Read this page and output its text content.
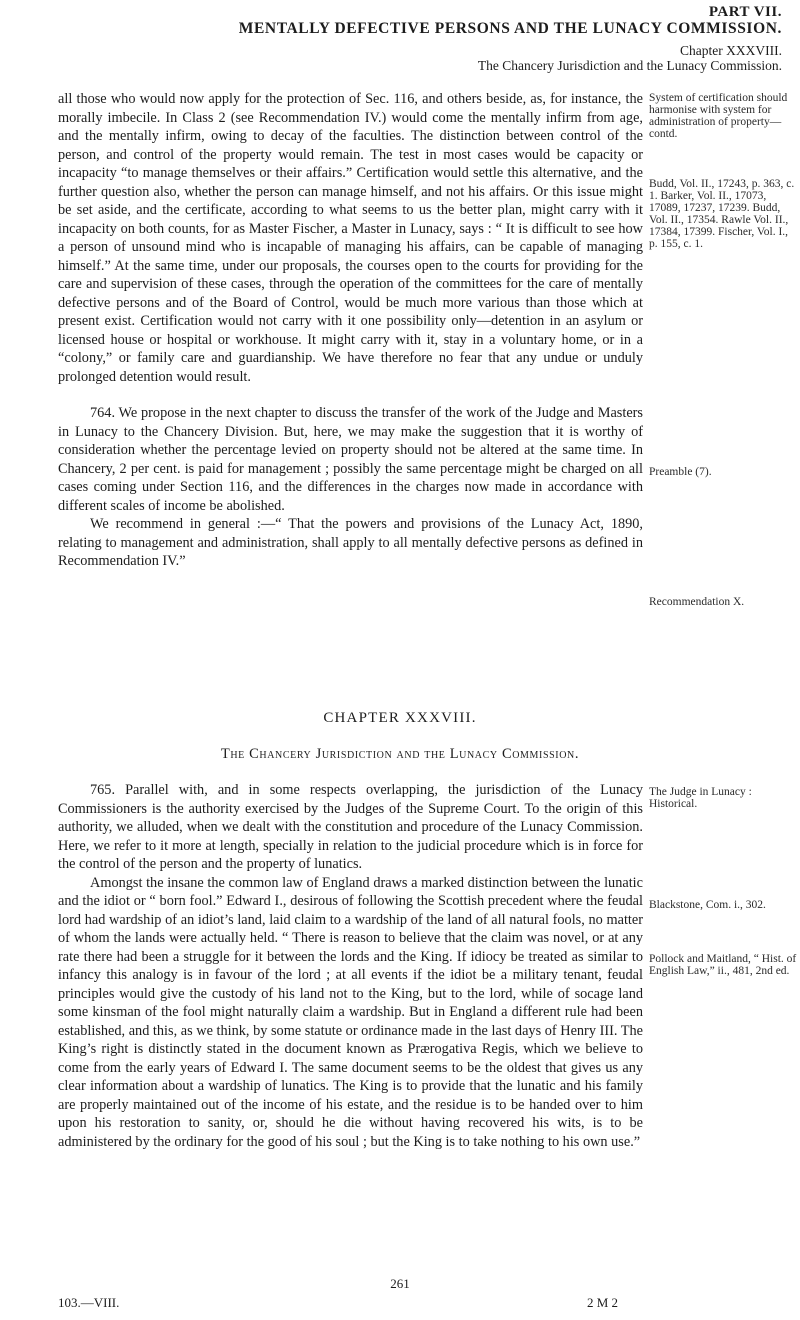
PART VII.
MENTALLY DEFECTIVE PERSONS AND THE LUNACY COMMISSION.
Chapter XXXVIII.
The Chancery Jurisdiction and the Lunacy Commission.

all those who would now apply for the protection of Sec. 116, and others beside, as, for instance, the morally imbecile. In Class 2 (see Recommendation IV.) would come the mentally infirm from age, and the mentally infirm, owing to decay of the faculties. The distinction between control of the person, and control of the property would remain. The test in most cases would be capacity or incapacity “to manage themselves or their affairs.” Certification would settle this alternative, and the further question also, whether the person can manage himself, and not his affairs. Or this issue might be set aside, and the certificate, according to what seems to us the better plan, might carry with it incapacity on both counts, for as Master Fischer, a Master in Lunacy, says : “ It is difficult to see how a person of unsound mind who is incapable of managing his affairs, can be capable of managing himself.” At the same time, under our proposals, the courses open to the courts for providing for the care and supervision of these cases, through the operation of the committees for the care of mentally defective persons and of the Board of Control, would be much more various than those which at present exist. Certification would not carry with it one possibility only—detention in an asylum or licensed house or hospital or workhouse. It might carry with it, stay in a voluntary home, or in a “colony,” or family care and guardianship. We have therefore no fear that any undue or unduly prolonged detention would result.

764. We propose in the next chapter to discuss the transfer of the work of the Judge and Masters in Lunacy to the Chancery Division. But, here, we may make the suggestion that it is worthy of consideration whether the percentage levied on property should not be altered at the same time. In Chancery, 2 per cent. is paid for management ; possibly the same percentage might be charged on all cases coming under Section 116, and the differences in the charges now made in accordance with different scales of income be abolished.

We recommend in general :—“ That the powers and provisions of the Lunacy Act, 1890, relating to management and administration, shall apply to all mentally defective persons as defined in Recommendation IV.”

CHAPTER XXXVIII.
The Chancery Jurisdiction and the Lunacy Commission.

765. Parallel with, and in some respects overlapping, the jurisdiction of the Lunacy Commissioners is the authority exercised by the Judges of the Supreme Court. To the origin of this authority, we alluded, when we dealt with the constitution and procedure of the Lunacy Commission. Here, we refer to it more at length, specially in relation to the judicial procedure which is in force for the control of the person and the property of lunatics.

Amongst the insane the common law of England draws a marked distinction between the lunatic and the idiot or “ born fool.” Edward I., desirous of following the Scottish precedent where the feudal lord had wardship of an idiot’s land, laid claim to a wardship of the land of all natural fools, no matter of whom the lands were actually held. “ There is reason to believe that the claim was novel, or at any rate there had been a struggle for it between the lords and the King. If idiocy be treated as similar to infancy this analogy is in favour of the lord ; at all events if the idiot be a military tenant, feudal principles would give the custody of his land not to the King, but to the lord, while of socage land some kinsman of the fool might naturally claim a wardship. But in England a different rule had been established, and this, as we think, by some statute or ordinance made in the last days of Henry III. The King’s right is distinctly stated in the document known as Prærogativa Regis, which we believe to come from the early years of Edward I. The same document seems to be the oldest that gives us any clear information about a wardship of lunatics. The King is to provide that the lunatic and his family are properly maintained out of the income of his estate, and the residue is to be handed over to him upon his restoration to sanity, or, should he die without having recovered his wits, is to be administered by the ordinary for the good of his soul ; but the King is to take nothing to his own use.”

System of certification should harmonise with system for administration of property—contd.
Budd, Vol. II., 17243, p. 363, c. 1. Barker, Vol. II., 17073, 17089, 17237, 17239. Budd, Vol. II., 17354. Rawle Vol. II., 17384, 17399. Fischer, Vol. I., p. 155, c. 1.
Preamble (7).
Recommendation X.
The Judge in Lunacy : Historical.
Blackstone, Com. i., 302.
Pollock and Maitland, “ Hist. of English Law,” ii., 481, 2nd ed.
261
103.—VIII.	2 M 2
